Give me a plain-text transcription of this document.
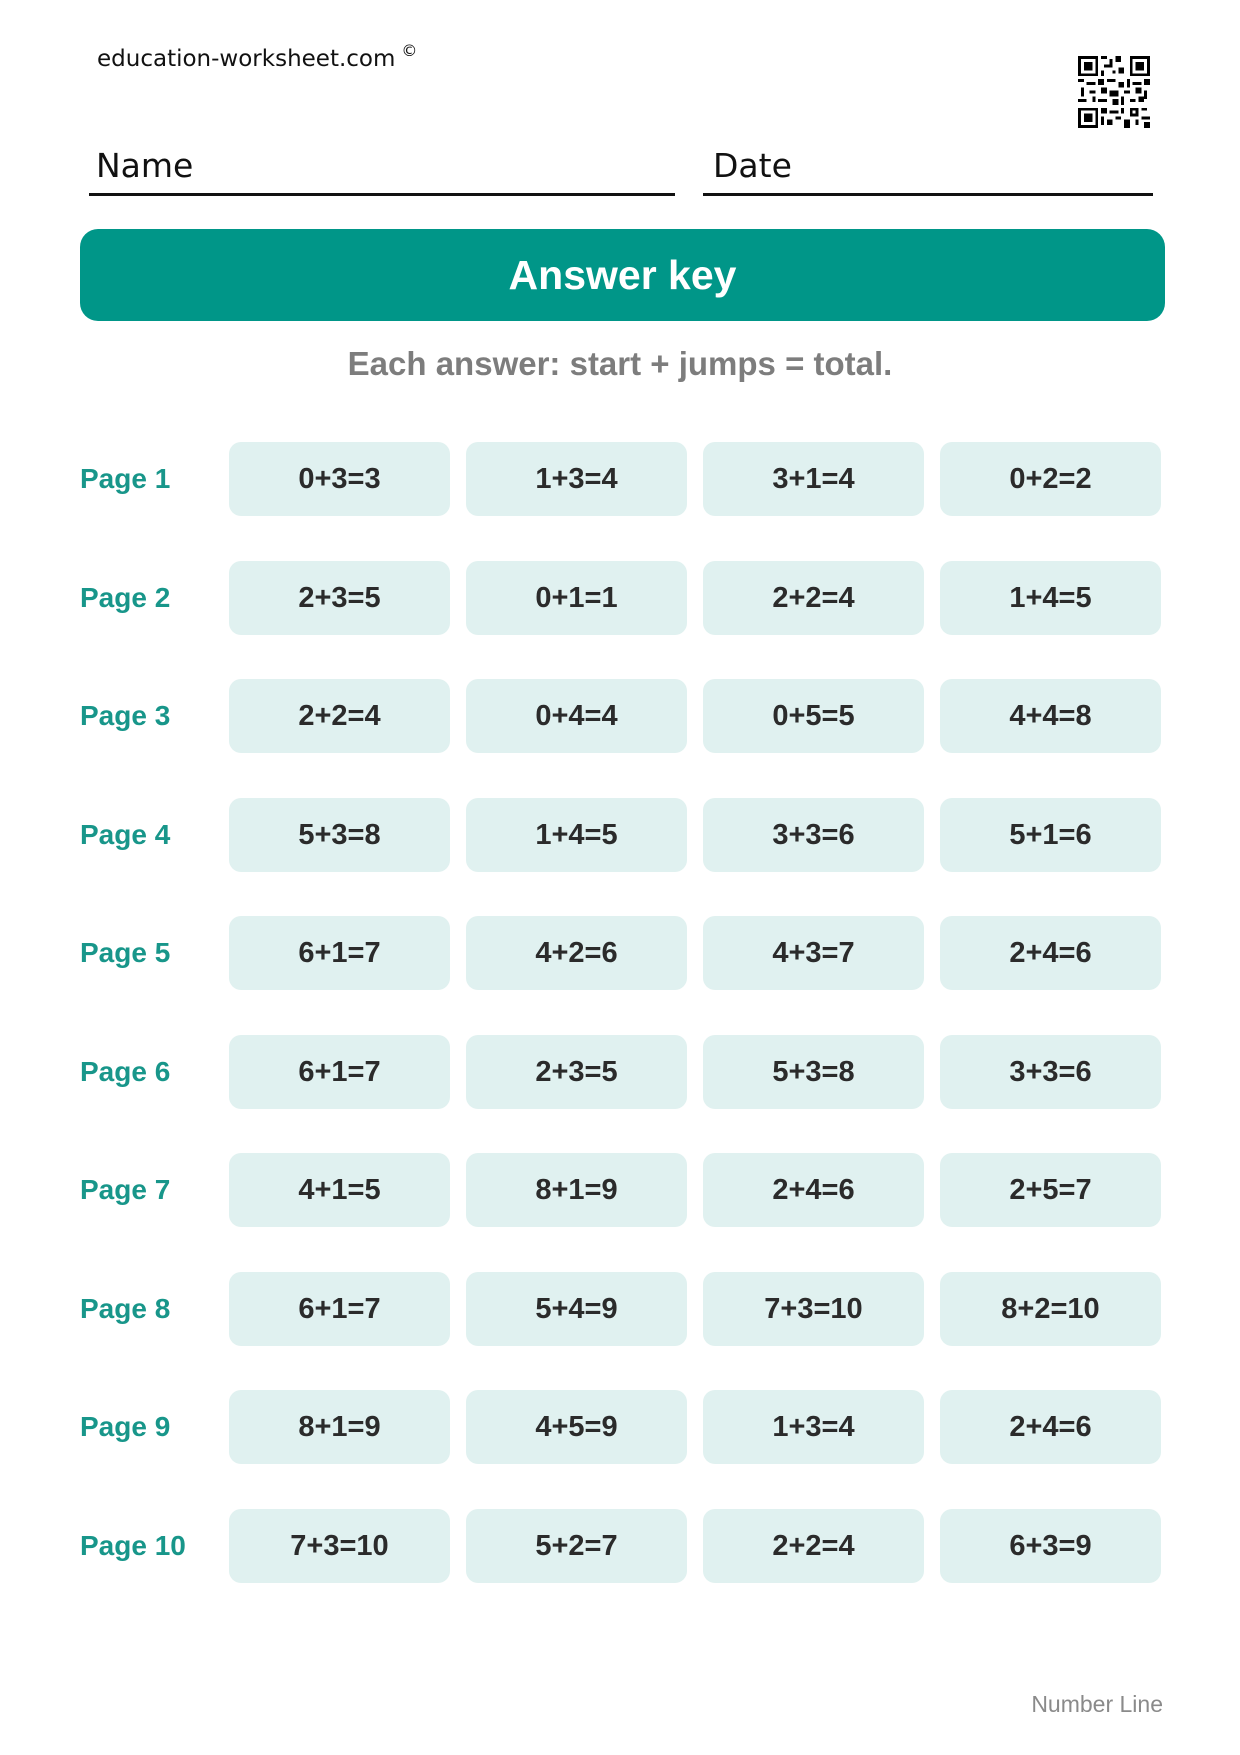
education-worksheet.com ©
Name	Date
Answer key
Each answer: start + jumps = total.
Page 1	0+3=3	1+3=4	3+1=4	0+2=2
Page 2	2+3=5	0+1=1	2+2=4	1+4=5
Page 3	2+2=4	0+4=4	0+5=5	4+4=8
Page 4	5+3=8	1+4=5	3+3=6	5+1=6
Page 5	6+1=7	4+2=6	4+3=7	2+4=6
Page 6	6+1=7	2+3=5	5+3=8	3+3=6
Page 7	4+1=5	8+1=9	2+4=6	2+5=7
Page 8	6+1=7	5+4=9	7+3=10	8+2=10
Page 9	8+1=9	4+5=9	1+3=4	2+4=6
Page 10	7+3=10	5+2=7	2+2=4	6+3=9
Number Line
